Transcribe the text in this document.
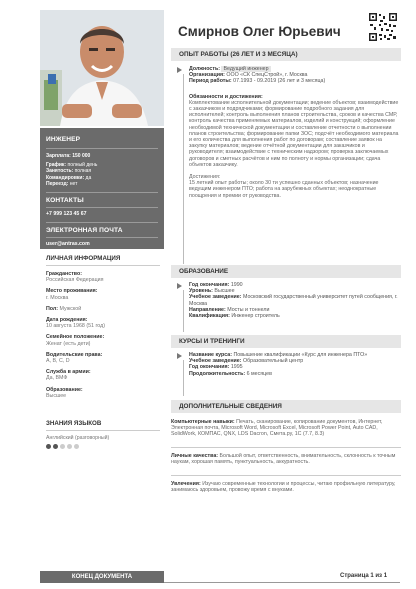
ИНЖЕНЕР
Зарплата: 150 000
График: полный день
Занятость: полная
Командировки: да
Переезд: нет
КОНТАКТЫ
+7 999 123 45 67
ЭЛЕКТРОННАЯ ПОЧТА
user@antras.com
ЛИЧНАЯ ИНФОРМАЦИЯ
Гражданство:
Российская Федерация
Место проживания:
г. Москва
Пол: Мужской
Дата рождения:
10 августа 1968 (51 год)
Семейное положение:
Женат (есть дети)
Водительские права:
A, B, C, D
Служба в армии:
Да, ВМФ
Образование:
Высшее
ЗНАНИЯ ЯЗЫКОВ
Английский (разговорный)
Смирнов Олег Юрьевич
ОПЫТ РАБОТЫ (26 ЛЕТ И 3 МЕСЯЦА)
Должность: Ведущий инженер
Организация: ООО «СК СпецСтрой», г. Москва
Период работы: 07.1993 - 09.2019 (26 лет и 3 месяца)
Обязанности и достижения:
Комплектование исполнительной документации; ведение объектов; взаимодействие с заказчиком и подрядчиками; формирование подробного задания для исполнителей; контроль выполнения планов строительства, сроков и качества СМР, контроль качества применяемых материалов, изделий и конструкций; оформление необходимой технической документации и составление отчетности о выполнении планов строительства; формирование папки ЗОС; подсчёт необходимого материала и его количества для выполнения работ по договорам; составление заявок на закупку материалов; ведение отчётной документации для заказчиков и руководителя; взаимодействие с техническим надзором; проверка заключаемых договоров и сметных расчётов и ним по полноту и нормы организации; сдача объектов заказчику.
Достижения:
15 летний опыт работы; около 30 ти успешно сданных объектов; назначение ведущим инженером ПТО; работа на зарубежных объектах; неоднократные поощрения и премии от руководства.
ОБРАЗОВАНИЕ
Год окончания: 1990
Уровень: Высшее
Учебное заведение: Московский государственный университет путей сообщения, г. Москва
Направление: Мосты и тоннели
Квалификация: Инженер строитель
КУРСЫ И ТРЕНИНГИ
Название курса: Повышение квалификации «Курс для инженера ПТО»
Учебное заведение: Образовательный центр
Год окончания: 1995
Продолжительность: 6 месяцев
ДОПОЛНИТЕЛЬНЫЕ СВЕДЕНИЯ
Компьютерные навыки: Печать, сканирование, копирование документов, Интернет, Электронная почта, Microsoft Word, Microsoft Excel, Microsoft Power Point, Auto CAD, SolidWork, КОМПАС, QNX, LDS Dacron, Смета.ру, 1С (7.7, 8.3)
Личные качества: Большой опыт, ответственность, внимательность, склонность к точным наукам, хорошая память, пунктуальность, аккуратность.
Увлечения: Изучаю современные технологии и процессы, читаю профильную литературу, занимаюсь здоровьем, провожу время с внуками.
КОНЕЦ ДОКУМЕНТА	Страница 1 из 1
